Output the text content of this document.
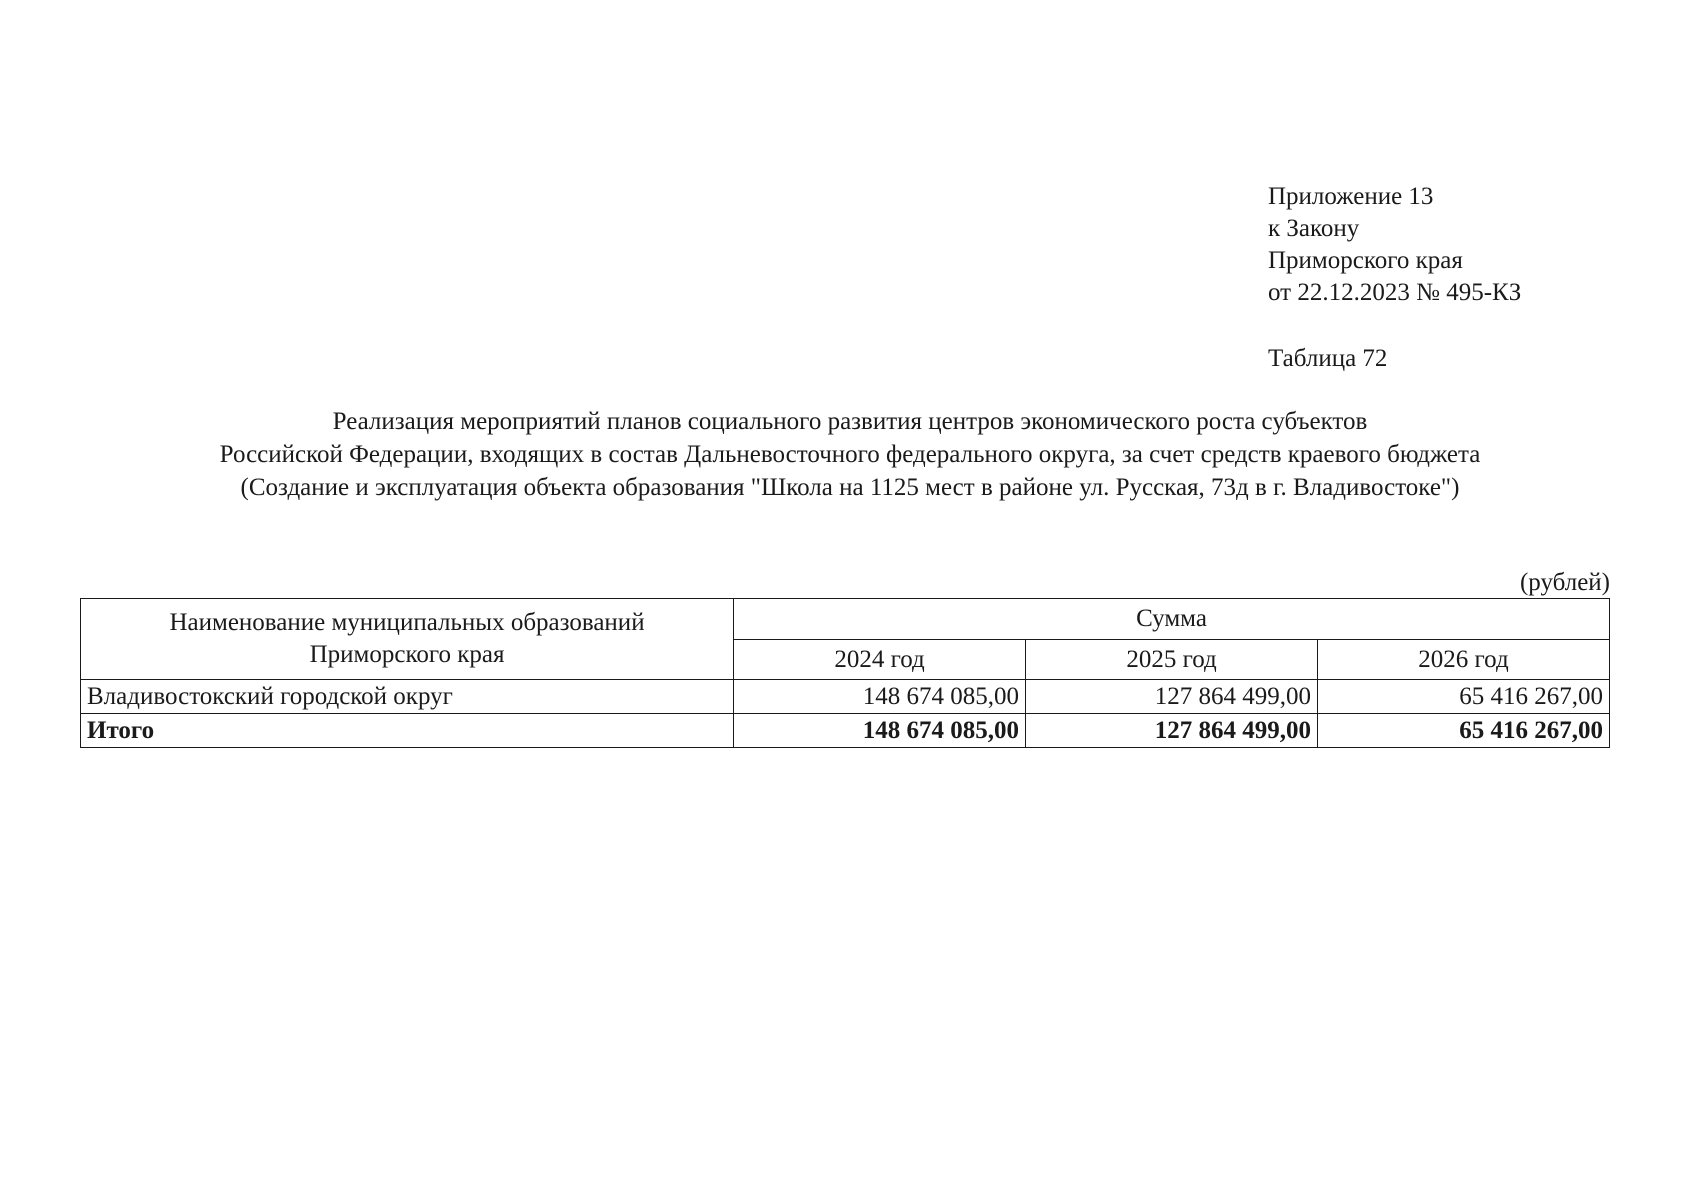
Приложение 13
к Закону
Приморского края
от 22.12.2023 № 495-КЗ
Таблица 72
Реализация мероприятий планов социального развития центров экономического роста субъектов
Российской Федерации, входящих в состав Дальневосточного федерального округа, за счет средств краевого бюджета
(Создание и эксплуатация объекта образования "Школа на 1125 мест в районе ул. Русская, 73д в г. Владивостоке")
(рублей)
Наименование муниципальных образований
Приморского края	Сумма		
	2024 год	2025 год	2026 год
Владивостокский городской округ	148 674 085,00	127 864 499,00	65 416 267,00
Итого	148 674 085,00	127 864 499,00	65 416 267,00
